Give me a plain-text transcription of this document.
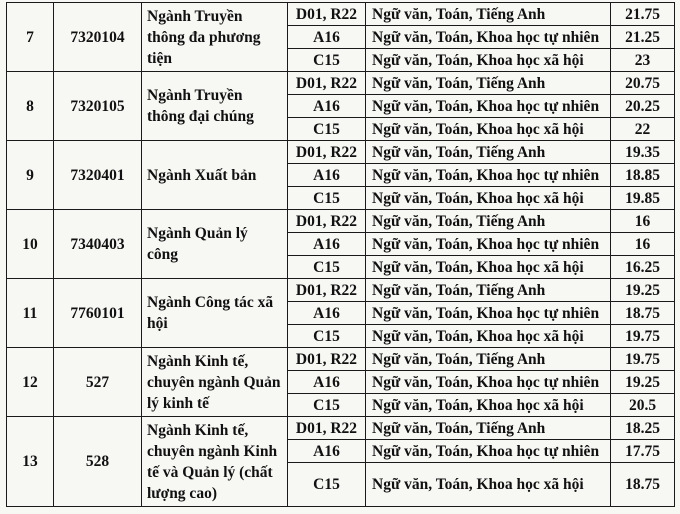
7	7320104	Ngành Truyền thông đa phương tiện	D01, R22	Ngữ văn, Toán, Tiếng Anh	21.75
			A16	Ngữ văn, Toán, Khoa học tự nhiên	21.25
			C15	Ngữ văn, Toán, Khoa học xã hội	23
8	7320105	Ngành Truyền thông đại chúng	D01, R22	Ngữ văn, Toán, Tiếng Anh	20.75
			A16	Ngữ văn, Toán, Khoa học tự nhiên	20.25
			C15	Ngữ văn, Toán, Khoa học xã hội	22
9	7320401	Ngành Xuất bản	D01, R22	Ngữ văn, Toán, Tiếng Anh	19.35
			A16	Ngữ văn, Toán, Khoa học tự nhiên	18.85
			C15	Ngữ văn, Toán, Khoa học xã hội	19.85
10	7340403	Ngành Quản lý công	D01, R22	Ngữ văn, Toán, Tiếng Anh	16
			A16	Ngữ văn, Toán, Khoa học tự nhiên	16
			C15	Ngữ văn, Toán, Khoa học xã hội	16.25
11	7760101	Ngành Công tác xã hội	D01, R22	Ngữ văn, Toán, Tiếng Anh	19.25
			A16	Ngữ văn, Toán, Khoa học tự nhiên	18.75
			C15	Ngữ văn, Toán, Khoa học xã hội	19.75
12	527	Ngành Kinh tế, chuyên ngành Quản lý kinh tế	D01, R22	Ngữ văn, Toán, Tiếng Anh	19.75
			A16	Ngữ văn, Toán, Khoa học tự nhiên	19.25
			C15	Ngữ văn, Toán, Khoa học xã hội	20.5
13	528	Ngành Kinh tế, chuyên ngành Kinh tế và Quản lý (chất lượng cao)	D01, R22	Ngữ văn, Toán, Tiếng Anh	18.25
			A16	Ngữ văn, Toán, Khoa học tự nhiên	17.75
			C15	Ngữ văn, Toán, Khoa học xã hội	18.75
